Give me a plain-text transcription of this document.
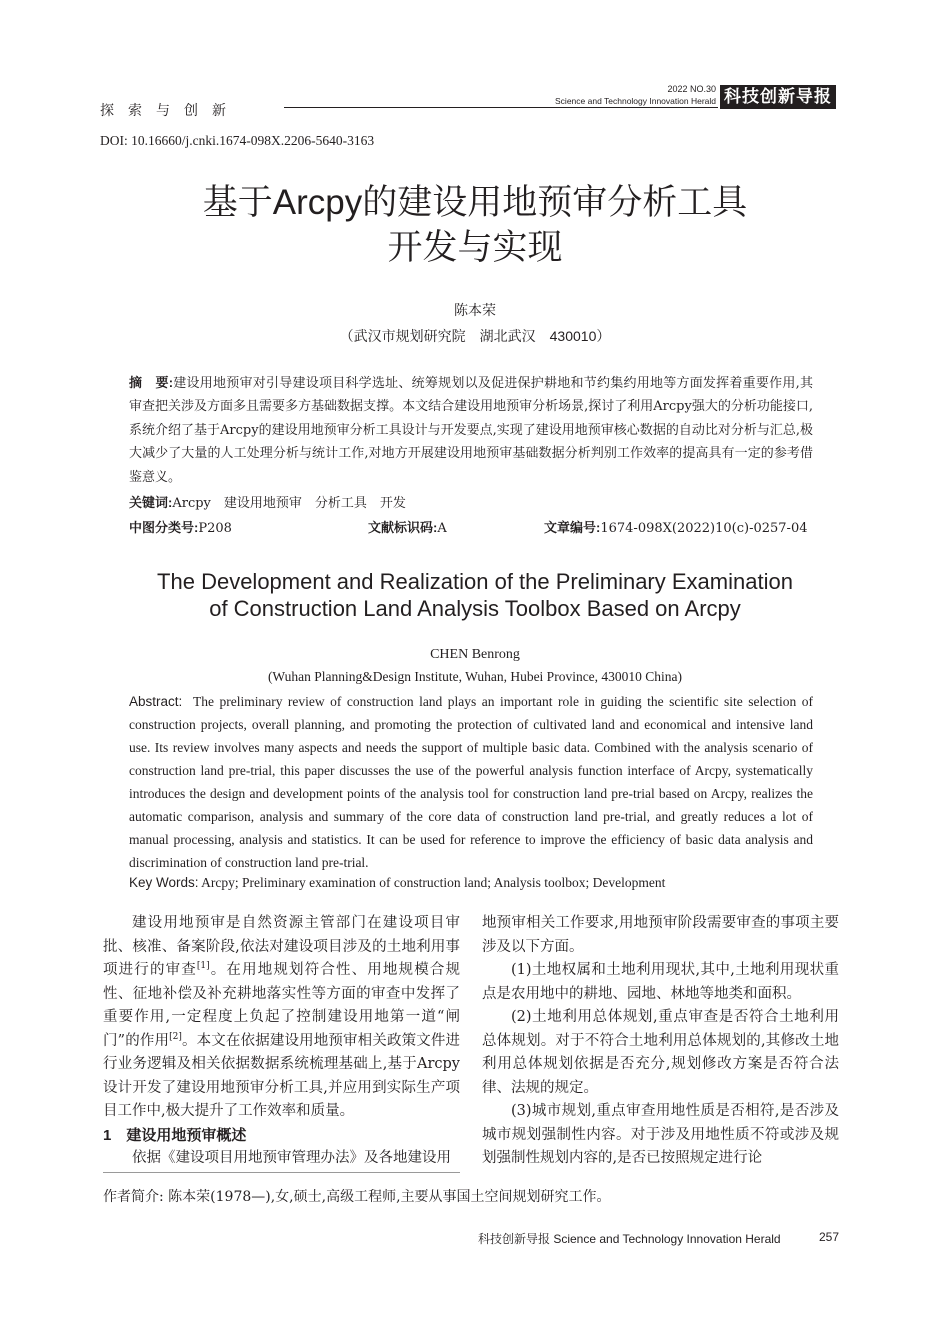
探索与创新
2022 NO.30
Science and Technology Innovation Herald 科技创新导报
DOI: 10.16660/j.cnki.1674-098X.2206-5640-3163
基于Arcpy的建设用地预审分析工具
开发与实现
陈本荣
（武汉市规划研究院　湖北武汉　430010）
摘　要:建设用地预审对引导建设项目科学选址、统筹规划以及促进保护耕地和节约集约用地等方面发挥着重要作用,其审查把关涉及方面多且需要多方基础数据支撑。本文结合建设用地预审分析场景,探讨了利用Arcpy强大的分析功能接口,系统介绍了基于Arcpy的建设用地预审分析工具设计与开发要点,实现了建设用地预审核心数据的自动比对分析与汇总,极大减少了大量的人工处理分析与统计工作,对地方开展建设用地预审基础数据分析判别工作效率的提高具有一定的参考借鉴意义。
关键词:Arcpy　建设用地预审　分析工具　开发
中图分类号:P208	文献标识码:A	文章编号:1674-098X(2022)10(c)-0257-04
The Development and Realization of the Preliminary Examination
of Construction Land Analysis Toolbox Based on Arcpy
CHEN Benrong
(Wuhan Planning&Design Institute, Wuhan, Hubei Province, 430010 China)
Abstract: The preliminary review of construction land plays an important role in guiding the scientific site selection of construction projects, overall planning, and promoting the protection of cultivated land and economical and intensive land use. Its review involves many aspects and needs the support of multiple basic data. Combined with the analysis scenario of construction land pre-trial, this paper discusses the use of the powerful analysis function interface of Arcpy, systematically introduces the design and development points of the analysis tool for construction land pre-trial based on Arcpy, realizes the automatic comparison, analysis and summary of the core data of construction land pre-trial, and greatly reduces a lot of manual processing, analysis and statistics. It can be used for reference to improve the efficiency of basic data analysis and discrimination of construction land pre-trial.
Key Words: Arcpy; Preliminary examination of construction land; Analysis toolbox; Development

建设用地预审是自然资源主管部门在建设项目审批、核准、备案阶段,依法对建设项目涉及的土地利用事项进行的审查[1]。在用地规划符合性、用地规模合规性、征地补偿及补充耕地落实性等方面的审查中发挥了重要作用,一定程度上负起了控制建设用地第一道“闸门”的作用[2]。本文在依据建设用地预审相关政策文件进行业务逻辑及相关依据数据系统梳理基础上,基于Arcpy设计开发了建设用地预审分析工具,并应用到实际生产项目工作中,极大提升了工作效率和质量。

1　建设用地预审概述

依据《建设项目用地预审管理办法》及各地建设用

地预审相关工作要求,用地预审阶段需要审查的事项主要涉及以下方面。

(1)土地权属和土地利用现状,其中,土地利用现状重点是农用地中的耕地、园地、林地等地类和面积。

(2)土地利用总体规划,重点审查是否符合土地利用总体规划。对于不符合土地利用总体规划的,其修改土地利用总体规划依据是否充分,规划修改方案是否符合法律、法规的规定。

(3)城市规划,重点审查用地性质是否相符,是否涉及城市规划强制性内容。对于涉及用地性质不符或涉及规划强制性规划内容的,是否已按照规定进行论

作者简介: 陈本荣(1978—),女,硕士,高级工程师,主要从事国土空间规划研究工作。
科技创新导报 Science and Technology Innovation Herald	257
